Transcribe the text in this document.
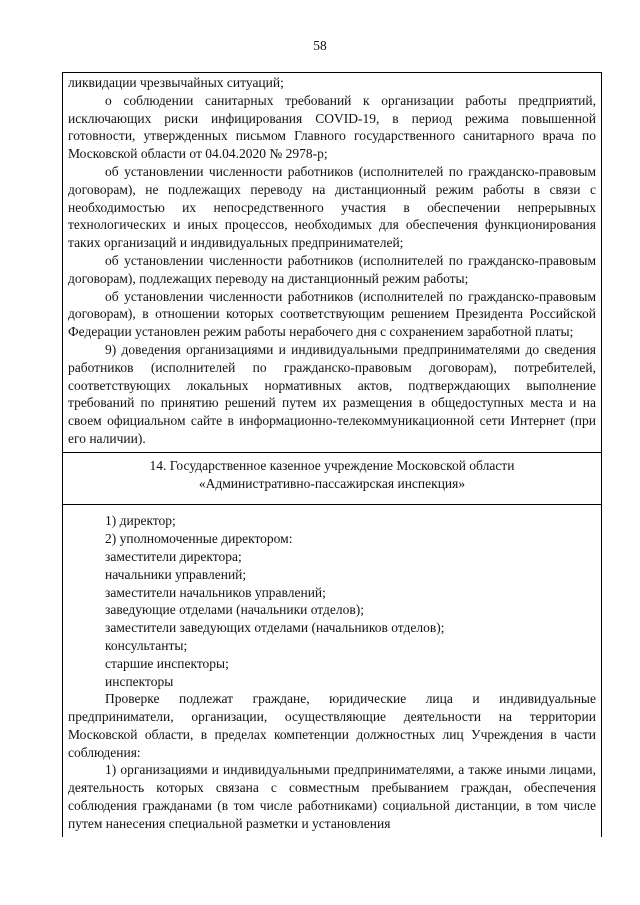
58

ликвидации чрезвычайных ситуаций;

о соблюдении санитарных требований к организации работы предприятий, исключающих риски инфицирования COVID-19, в период режима повышенной готовности, утвержденных письмом Главного государственного санитарного врача по Московской области от 04.04.2020 № 2978-р;

об установлении численности работников (исполнителей по гражданско-правовым договорам), не подлежащих переводу на дистанционный режим работы в связи с необходимостью их непосредственного участия в обеспечении непрерывных технологических и иных процессов, необходимых для обеспечения функционирования таких организаций и индивидуальных предпринимателей;

об установлении численности работников (исполнителей по гражданско-правовым договорам), подлежащих переводу на дистанционный режим работы;

об установлении численности работников (исполнителей по гражданско-правовым договорам), в отношении которых соответствующим решением Президента Российской Федерации установлен режим работы нерабочего дня с сохранением заработной платы;

9) доведения организациями и индивидуальными предпринимателями до сведения работников (исполнителей по гражданско-правовым договорам), потребителей, соответствующих локальных нормативных актов, подтверждающих выполнение требований по принятию решений путем их размещения в общедоступных места и на своем официальном сайте в информационно-телекоммуникационной сети Интернет (при его наличии).

14. Государственное казенное учреждение Московской области
«Административно-пассажирская инспекция»

1) директор;

2) уполномоченные директором:

заместители директора;

начальники управлений;

заместители начальников управлений;

заведующие отделами (начальники отделов);

заместители заведующих отделами (начальников отделов);

консультанты;

старшие инспекторы;

инспекторы

Проверке подлежат граждане, юридические лица и индивидуальные предприниматели, организации, осуществляющие деятельности на территории Московской области, в пределах компетенции должностных лиц Учреждения в части соблюдения:

1) организациями и индивидуальными предпринимателями, а также иными лицами, деятельность которых связана с совместным пребыванием граждан, обеспечения соблюдения гражданами (в том числе работниками) социальной дистанции, в том числе путем нанесения специальной разметки и установления
